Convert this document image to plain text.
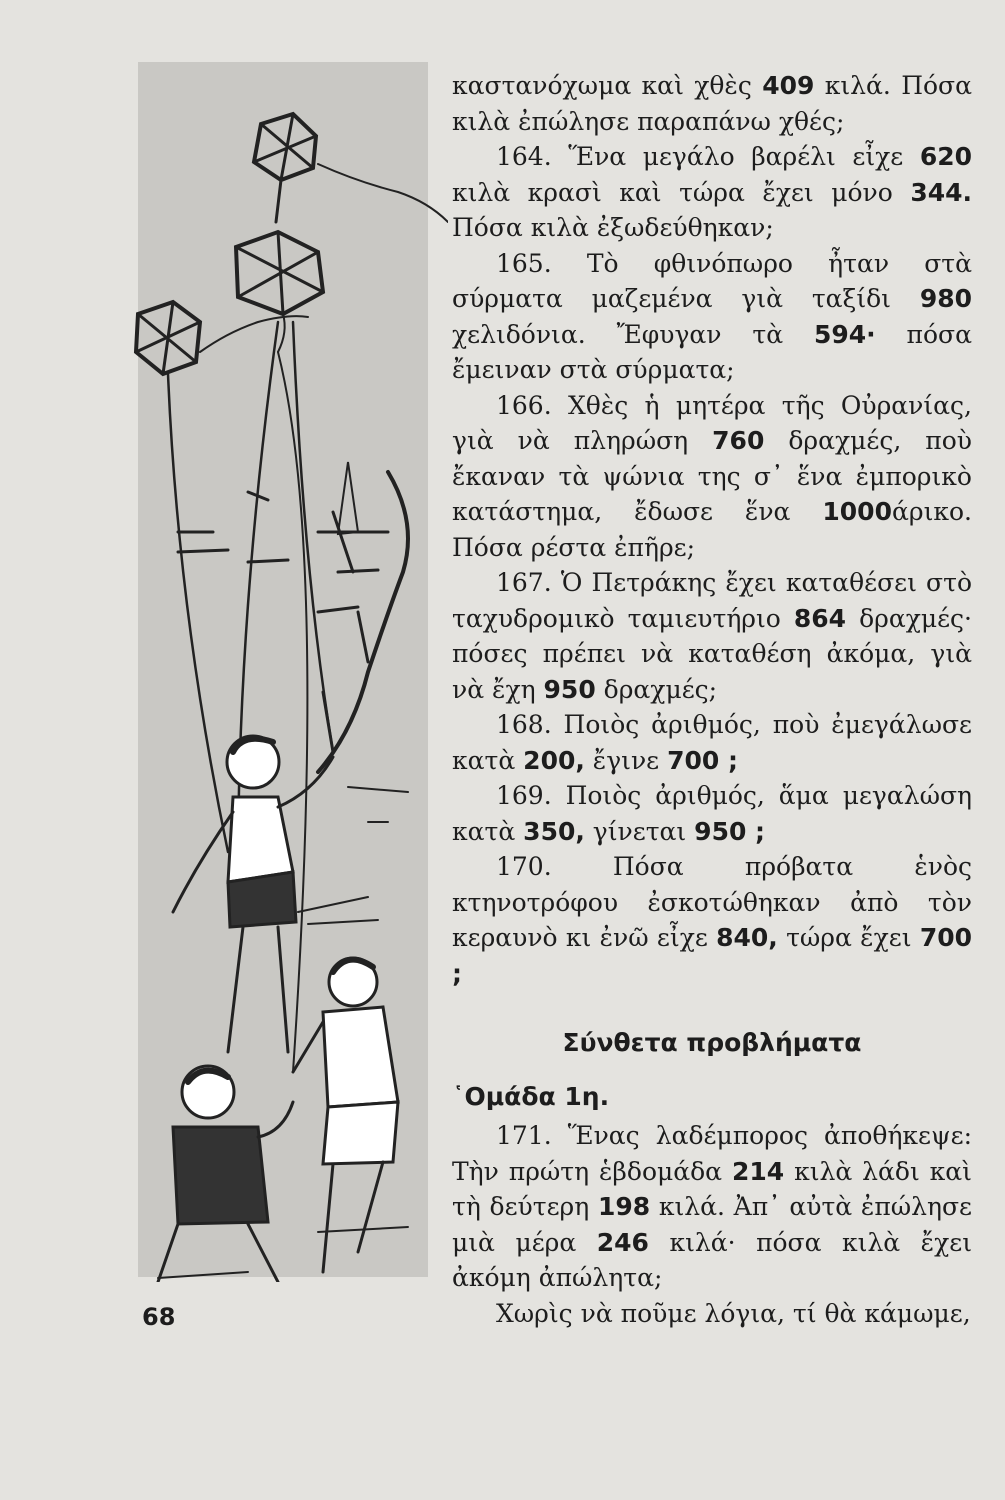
καστανόχωμα καὶ χθὲς 409 κιλά. Πόσα κιλὰ ἐπώλησε παραπάνω χθές;

164. Ἕνα μεγάλο βαρέλι εἶχε 620 κιλὰ κρασὶ καὶ τώρα ἔχει μόνο 344. Πόσα κιλὰ ἐξωδεύθηκαν;

165. Τὸ φθινόπωρο ἦταν στὰ σύρματα μαζεμένα γιὰ ταξίδι 980 χελιδόνια. Ἔφυγαν τὰ 594· πόσα ἔμειναν στὰ σύρματα;

166. Χθὲς ἡ μητέρα τῆς Οὐρανίας, γιὰ νὰ πληρώση 760 δραχμές, ποὺ ἔκαναν τὰ ψώνια της σ᾿ ἕνα ἐμπορικὸ κατάστημα, ἔδωσε ἕνα 1000άρικο. Πόσα ρέστα ἐπῆρε;

167. Ὁ Πετράκης ἔχει καταθέσει στὸ ταχυδρομικὸ ταμιευτήριο 864 δραχμές· πόσες πρέπει νὰ καταθέση ἀκόμα, γιὰ νὰ ἔχη 950 δραχμές;

168. Ποιὸς ἀριθμός, ποὺ ἐμεγάλωσε κατὰ 200, ἔγινε 700 ;

169. Ποιὸς ἀριθμός, ἅμα μεγαλώση κατὰ 350, γίνεται 950 ;

170. Πόσα πρόβατα ἑνὸς κτηνοτρόφου ἐσκοτώθηκαν ἀπὸ τὸν κεραυνὸ κι ἐνῶ εἶχε 840, τώρα ἔχει 700 ;

Σύνθετα προβλήματα

῾Ομάδα 1η.

171. Ἕνας λαδέμπορος ἀποθήκεψε: Τὴν πρώτη ἑβδομάδα 214 κιλὰ λάδι καὶ τὴ δεύτερη 198 κιλά. Ἀπ᾿ αὐτὰ ἐπώλησε μιὰ μέρα 246 κιλά· πόσα κιλὰ ἔχει ἀκόμη ἀπώλητα;

Χωρὶς νὰ ποῦμε λόγια, τί θὰ κάμωμε,

68
